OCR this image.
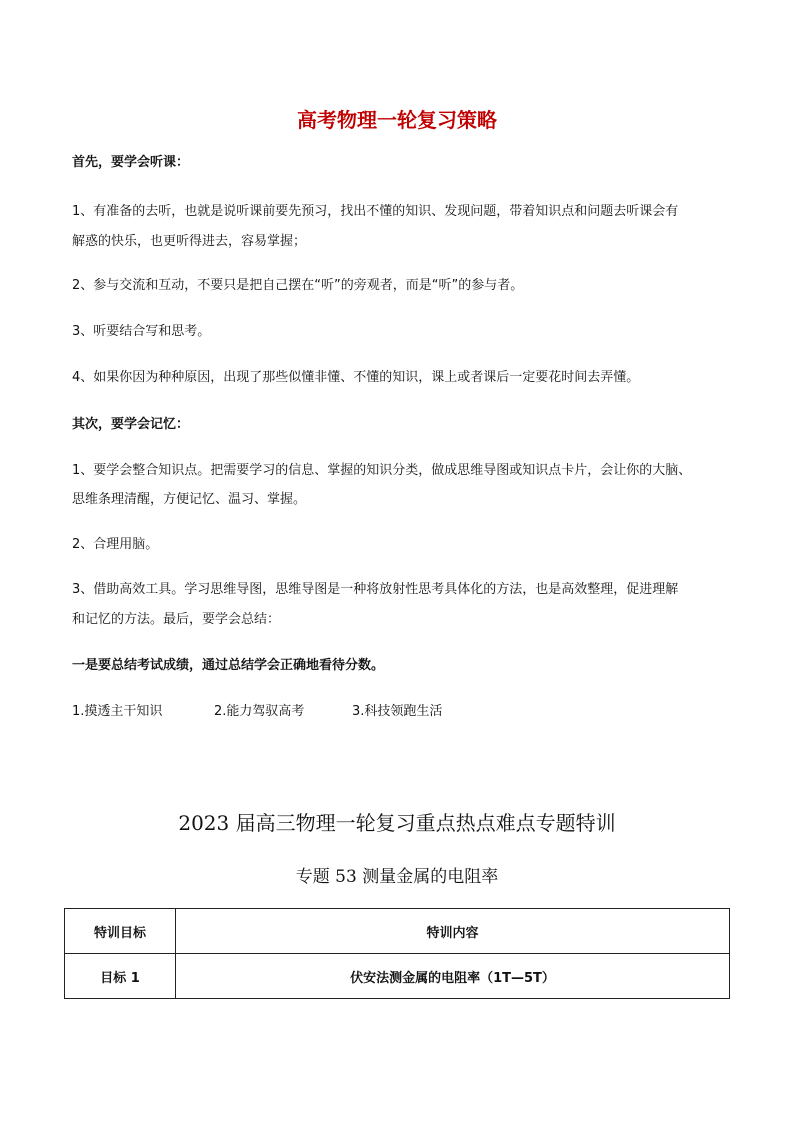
高考物理一轮复习策略
首先，要学会听课：
1、有准备的去听，也就是说听课前要先预习，找出不懂的知识、发现问题，带着知识点和问题去听课会有
解惑的快乐，也更听得进去，容易掌握；
2、参与交流和互动，不要只是把自己摆在“听”的旁观者，而是“听”的参与者。
3、听要结合写和思考。
4、如果你因为种种原因，出现了那些似懂非懂、不懂的知识，课上或者课后一定要花时间去弄懂。
其次，要学会记忆：
1、要学会整合知识点。把需要学习的信息、掌握的知识分类，做成思维导图或知识点卡片，会让你的大脑、
思维条理清醒，方便记忆、温习、掌握。
2、合理用脑。
3、借助高效工具。学习思维导图，思维导图是一种将放射性思考具体化的方法，也是高效整理，促进理解
和记忆的方法。最后，要学会总结：
一是要总结考试成绩，通过总结学会正确地看待分数。
1.摸透主干知识	2.能力驾驭高考	3.科技领跑生活
2023 届高三物理一轮复习重点热点难点专题特训
专题 53 测量金属的电阻率
特训目标	特训内容
目标 1	伏安法测金属的电阻率（1T—5T）
